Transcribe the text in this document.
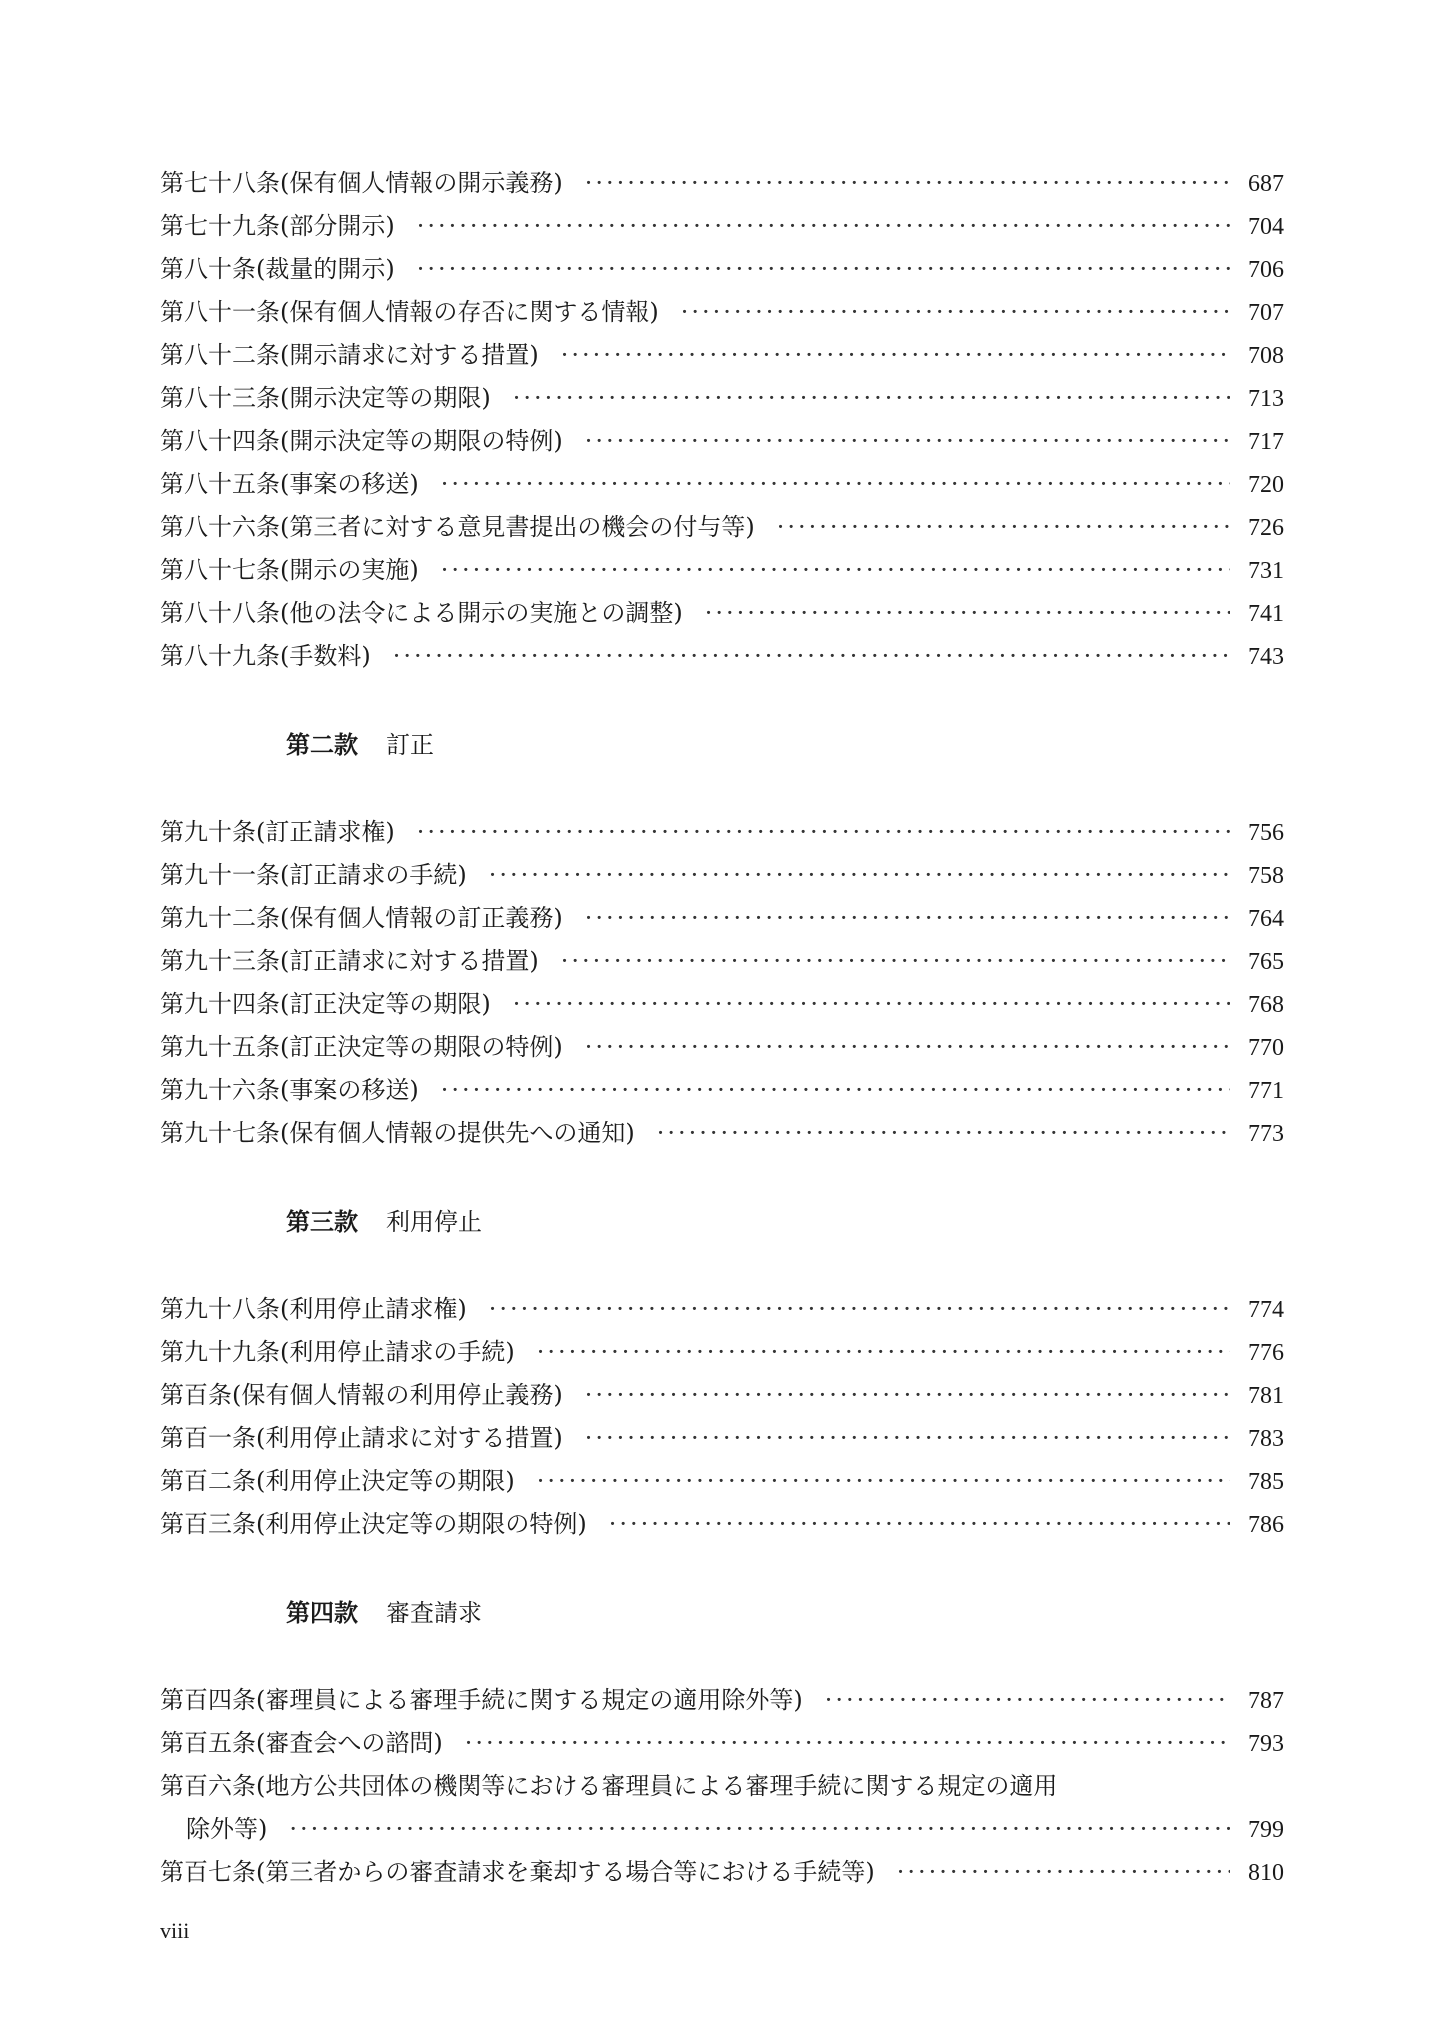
第七十八条(保有個人情報の開示義務) ·····	687
第七十九条(部分開示) ·····	704
第八十条(裁量的開示) ·····	706
第八十一条(保有個人情報の存否に関する情報) ·····	707
第八十二条(開示請求に対する措置) ·····	708
第八十三条(開示決定等の期限) ·····	713
第八十四条(開示決定等の期限の特例) ·····	717
第八十五条(事案の移送) ·····	720
第八十六条(第三者に対する意見書提出の機会の付与等) ·····	726
第八十七条(開示の実施) ·····	731
第八十八条(他の法令による開示の実施との調整) ·····	741
第八十九条(手数料) ·····	743
第二款 訂正
第九十条(訂正請求権) ·····	756
第九十一条(訂正請求の手続) ·····	758
第九十二条(保有個人情報の訂正義務) ·····	764
第九十三条(訂正請求に対する措置) ·····	765
第九十四条(訂正決定等の期限) ·····	768
第九十五条(訂正決定等の期限の特例) ·····	770
第九十六条(事案の移送) ·····	771
第九十七条(保有個人情報の提供先への通知) ·····	773
第三款 利用停止
第九十八条(利用停止請求権) ·····	774
第九十九条(利用停止請求の手続) ·····	776
第百条(保有個人情報の利用停止義務) ·····	781
第百一条(利用停止請求に対する措置) ·····	783
第百二条(利用停止決定等の期限) ·····	785
第百三条(利用停止決定等の期限の特例) ·····	786
第四款 審査請求
第百四条(審理員による審理手続に関する規定の適用除外等) ·····	787
第百五条(審査会への諮問) ·····	793
第百六条(地方公共団体の機関等における審理員による審理手続に関する規定の適用
除外等) ·····	799
第百七条(第三者からの審査請求を棄却する場合等における手続等) ·····	810
viii
